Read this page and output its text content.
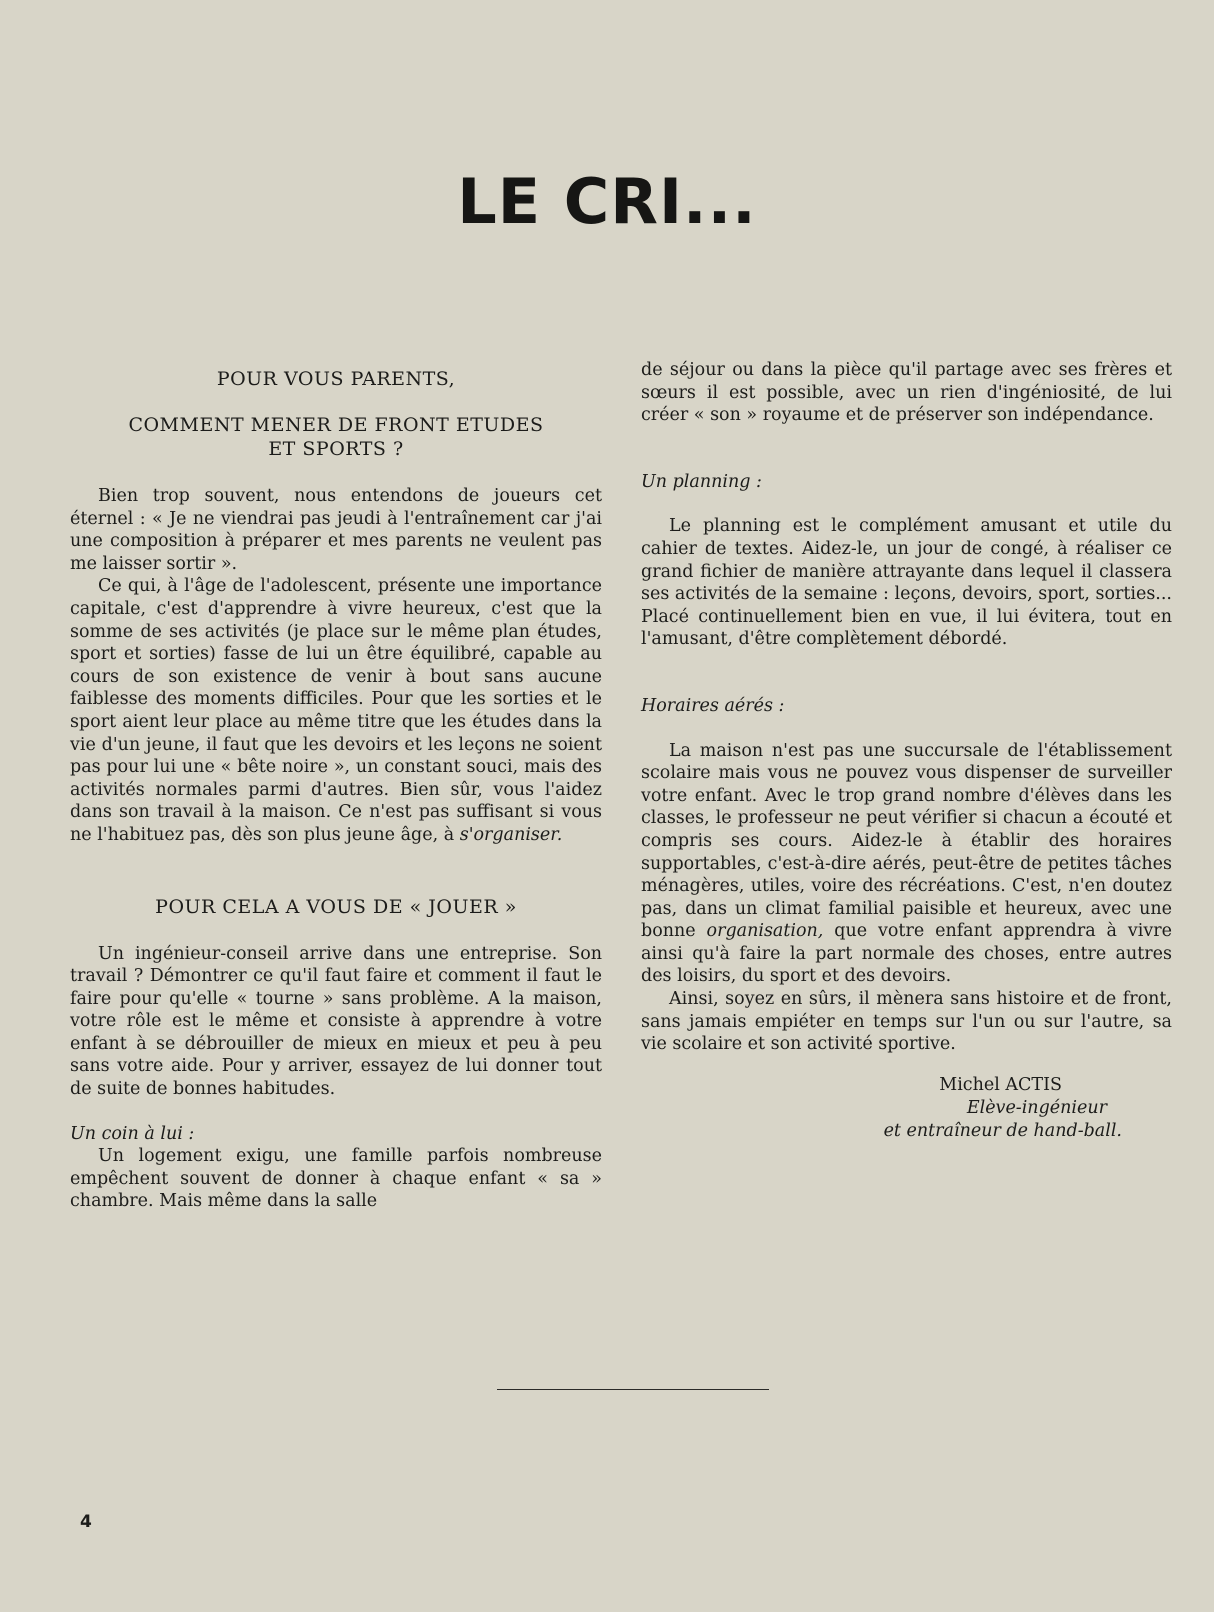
LE CRI...
POUR VOUS PARENTS,
COMMENT MENER DE FRONT ETUDES
ET SPORTS ?

Bien trop souvent, nous entendons de joueurs cet éternel : « Je ne viendrai pas jeudi à l'entraînement car j'ai une composition à préparer et mes parents ne veulent pas me laisser sortir ».

Ce qui, à l'âge de l'adolescent, présente une importance capitale, c'est d'apprendre à vivre heureux, c'est que la somme de ses activités (je place sur le même plan études, sport et sorties) fasse de lui un être équilibré, capable au cours de son existence de venir à bout sans aucune faiblesse des moments difficiles. Pour que les sorties et le sport aient leur place au même titre que les études dans la vie d'un jeune, il faut que les devoirs et les leçons ne soient pas pour lui une « bête noire », un constant souci, mais des activités normales parmi d'autres. Bien sûr, vous l'aidez dans son travail à la maison. Ce n'est pas suffisant si vous ne l'habituez pas, dès son plus jeune âge, à s'organiser.

POUR CELA A VOUS DE « JOUER »

Un ingénieur-conseil arrive dans une entreprise. Son travail ? Démontrer ce qu'il faut faire et comment il faut le faire pour qu'elle « tourne » sans problème. A la maison, votre rôle est le même et consiste à apprendre à votre enfant à se débrouiller de mieux en mieux et peu à peu sans votre aide. Pour y arriver, essayez de lui donner tout de suite de bonnes habitudes.

Un coin à lui :

Un logement exigu, une famille parfois nombreuse empêchent souvent de donner à chaque enfant « sa » chambre. Mais même dans la salle

de séjour ou dans la pièce qu'il partage avec ses frères et sœurs il est possible, avec un rien d'ingéniosité, de lui créer « son » royaume et de préserver son indépendance.

Un planning :

Le planning est le complément amusant et utile du cahier de textes. Aidez-le, un jour de congé, à réaliser ce grand fichier de manière attrayante dans lequel il classera ses activités de la semaine : leçons, devoirs, sport, sorties... Placé continuellement bien en vue, il lui évitera, tout en l'amusant, d'être complètement débordé.

Horaires aérés :

La maison n'est pas une succursale de l'établissement scolaire mais vous ne pouvez vous dispenser de surveiller votre enfant. Avec le trop grand nombre d'élèves dans les classes, le professeur ne peut vérifier si chacun a écouté et compris ses cours. Aidez-le à établir des horaires supportables, c'est-à-dire aérés, peut-être de petites tâches ménagères, utiles, voire des récréations. C'est, n'en doutez pas, dans un climat familial paisible et heureux, avec une bonne organisation, que votre enfant apprendra à vivre ainsi qu'à faire la part normale des choses, entre autres des loisirs, du sport et des devoirs.

Ainsi, soyez en sûrs, il mènera sans histoire et de front, sans jamais empiéter en temps sur l'un ou sur l'autre, sa vie scolaire et son activité sportive.

Michel ACTIS
Elève-ingénieur
et entraîneur de hand-ball.
4
